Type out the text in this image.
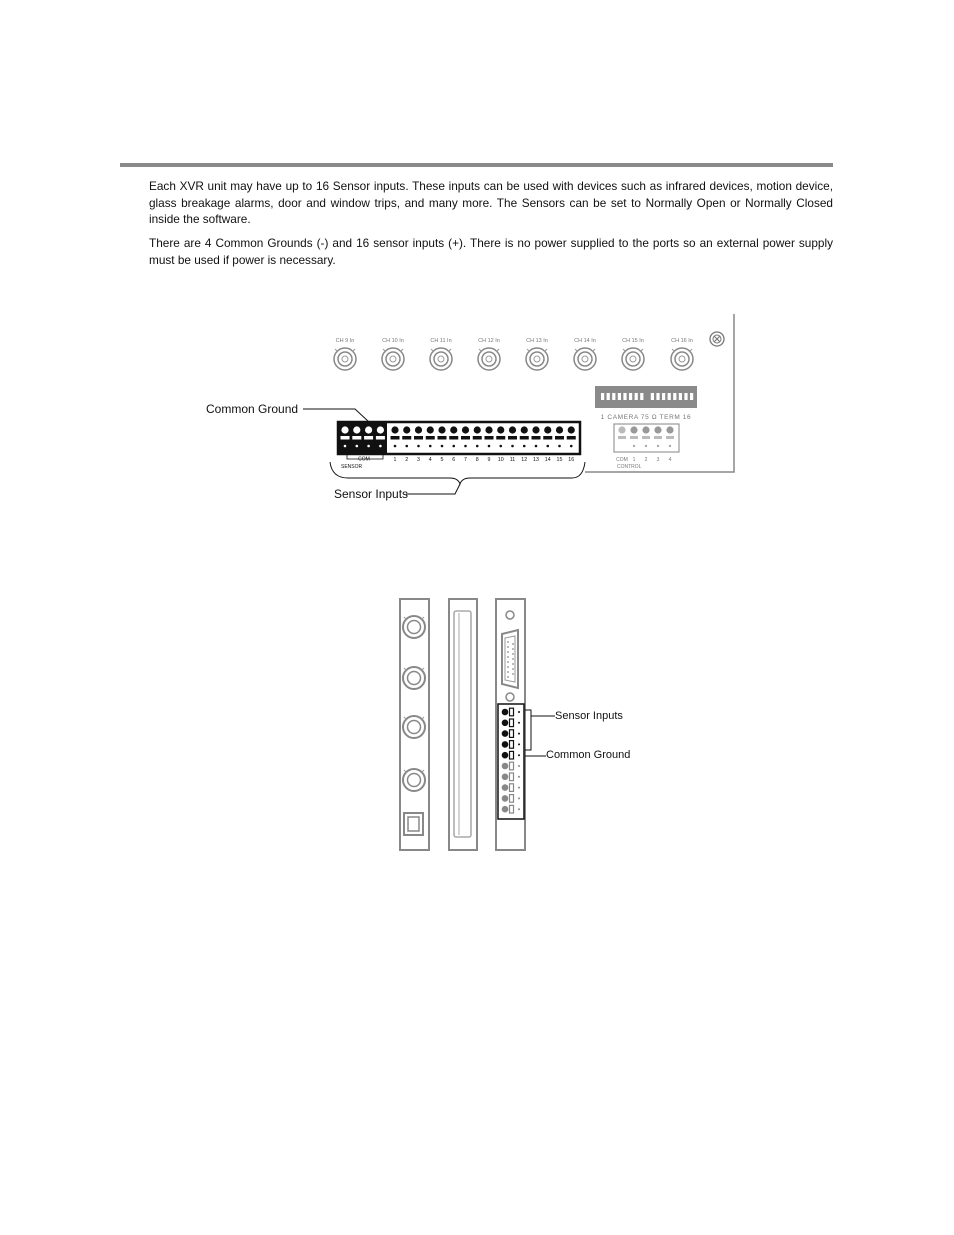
Each XVR unit may have up to 16 Sensor inputs. These inputs can be used with devices such as infrared devices, motion device, glass breakage alarms, door and window trips, and many more. The Sensors can be set to Normally Open or Normally Closed inside the software.

There are 4 Common Grounds (-) and 16 sensor inputs (+). There is no power supplied to the ports so an external power supply must be used if power is necessary.

CH 9 In	CH 10 In	CH 11 In	CH 12 In	CH 13 In	CH 14 In	CH 15 In	CH 16 In
1 CAMERA 75 Ω TERM 16
COM 1 2 3 4
CONTROL
COM
SENSOR
1 2 3 4 5 6 7 8 9 10 11 12 13 14 15 16
Common Ground
Sensor Inputs
Sensor Inputs
Common Ground
